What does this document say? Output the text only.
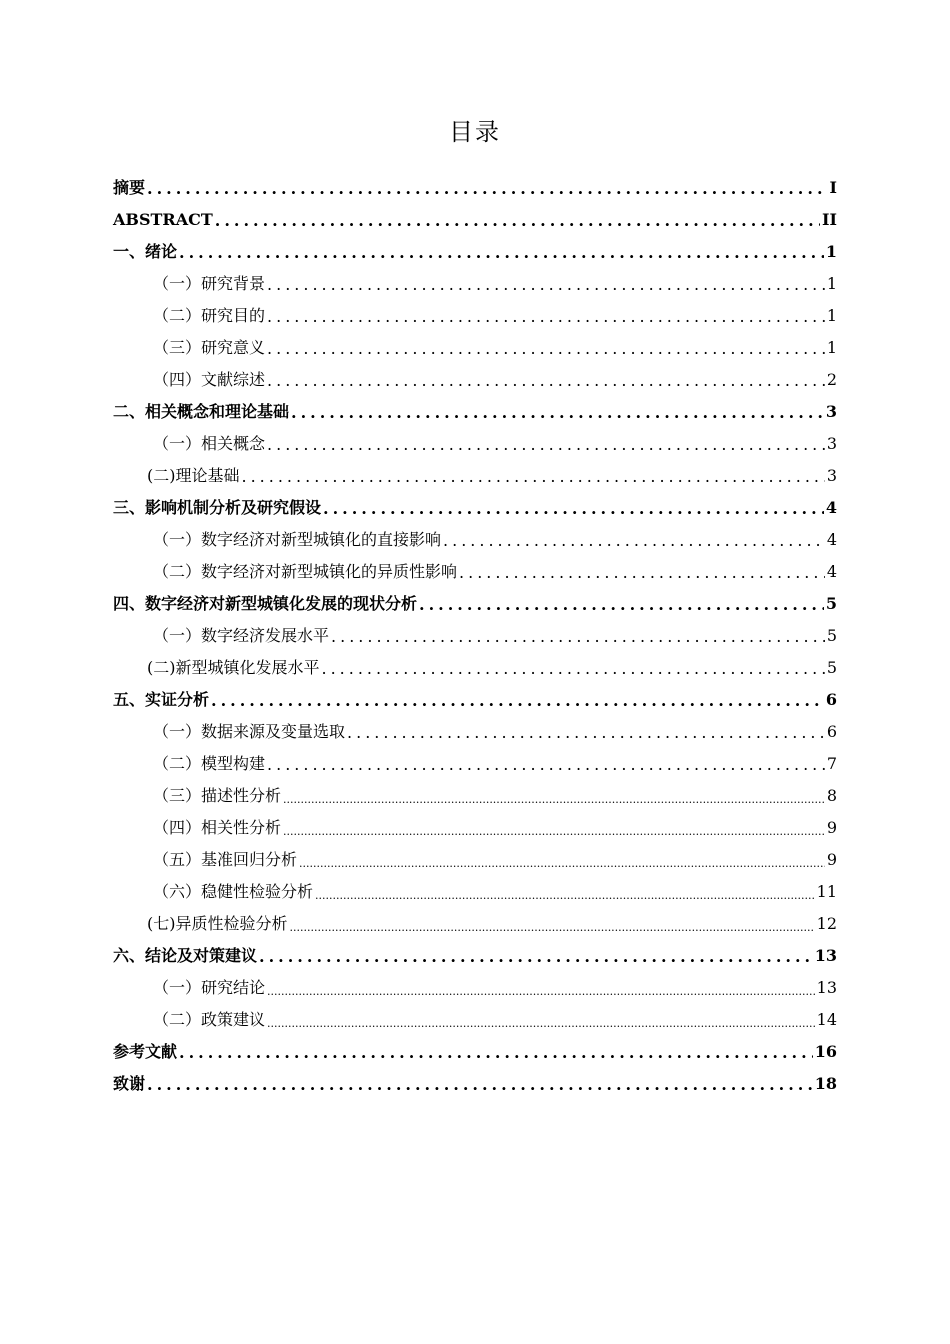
目录
摘要 .....	I
ABSTRACT .....	II
一、绪论 .....	1
（一）研究背景 .....	1
（二）研究目的 .....	1
（三）研究意义 .....	1
（四）文献综述 .....	2
二、相关概念和理论基础 .....	3
（一）相关概念 .....	3
(二)理论基础 .....	3
三、影响机制分析及研究假设 .....	4
（一）数字经济对新型城镇化的直接影响 .....	4
（二）数字经济对新型城镇化的异质性影响 .....	4
四、数字经济对新型城镇化发展的现状分析 .....	5
（一）数字经济发展水平 .....	5
(二)新型城镇化发展水平 .....	5
五、实证分析 .....	6
（一）数据来源及变量选取 .....	6
（二）模型构建 .....	7
（三）描述性分析 .....	8
（四）相关性分析 .....	9
（五）基准回归分析 .....	9
（六）稳健性检验分析 .....	11
(七)异质性检验分析 .....	12
六、结论及对策建议 .....	13
（一）研究结论 .....	13
（二）政策建议 .....	14
参考文献 .....	16
致谢 .....	18
